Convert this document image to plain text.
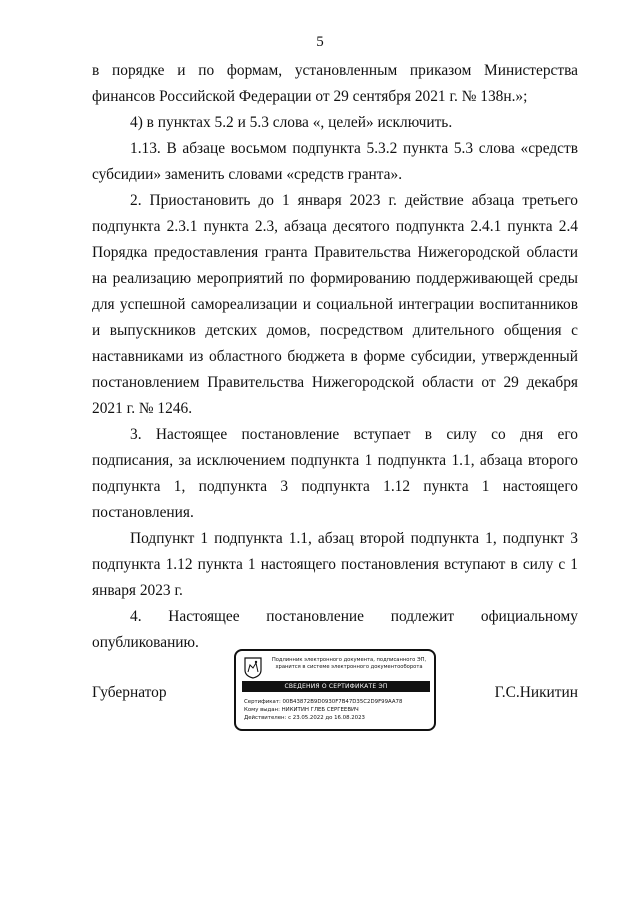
5

в порядке и по формам, установленным приказом Министерства финансов Российской Федерации от 29 сентября 2021 г. № 138н.»;

4) в пунктах 5.2 и 5.3 слова «, целей» исключить.

1.13. В абзаце восьмом подпункта 5.3.2 пункта 5.3 слова «средств субсидии» заменить словами «средств гранта».

2. Приостановить до 1 января 2023 г. действие абзаца третьего подпункта 2.3.1 пункта 2.3, абзаца десятого подпункта 2.4.1 пункта 2.4 Порядка предоставления гранта Правительства Нижегородской области на реализацию мероприятий по формированию поддерживающей среды для успешной самореализации и социальной интеграции воспитанников и выпускников детских домов, посредством длительного общения с наставниками из областного бюджета в форме субсидии, утвержденный постановлением Правительства Нижегородской области от 29 декабря 2021 г. № 1246.

3. Настоящее постановление вступает в силу со дня его подписания, за исключением подпункта 1 подпункта 1.1, абзаца второго подпункта 1, подпункта 3 подпункта 1.12 пункта 1 настоящего постановления.

Подпункт 1 подпункта 1.1, абзац второй подпункта 1, подпункт 3 подпункта 1.12 пункта 1 настоящего постановления вступают в силу с 1 января 2023 г.

4. Настоящее постановление подлежит официальному

опубликованию.

Губернатор
Подлинник электронного документа, подписанного ЭП,
хранится в системе электронного документооборота
СВЕДЕНИЯ О СЕРТИФИКАТЕ ЭП
Сертификат: 00B43872B9D0930F7B47D35C2D9F99AA78
Кому выдан: НИКИТИН ГЛЕБ СЕРГЕЕВИЧ
Действителен: с 23.05.2022 до 16.08.2023
Г.С.Никитин
